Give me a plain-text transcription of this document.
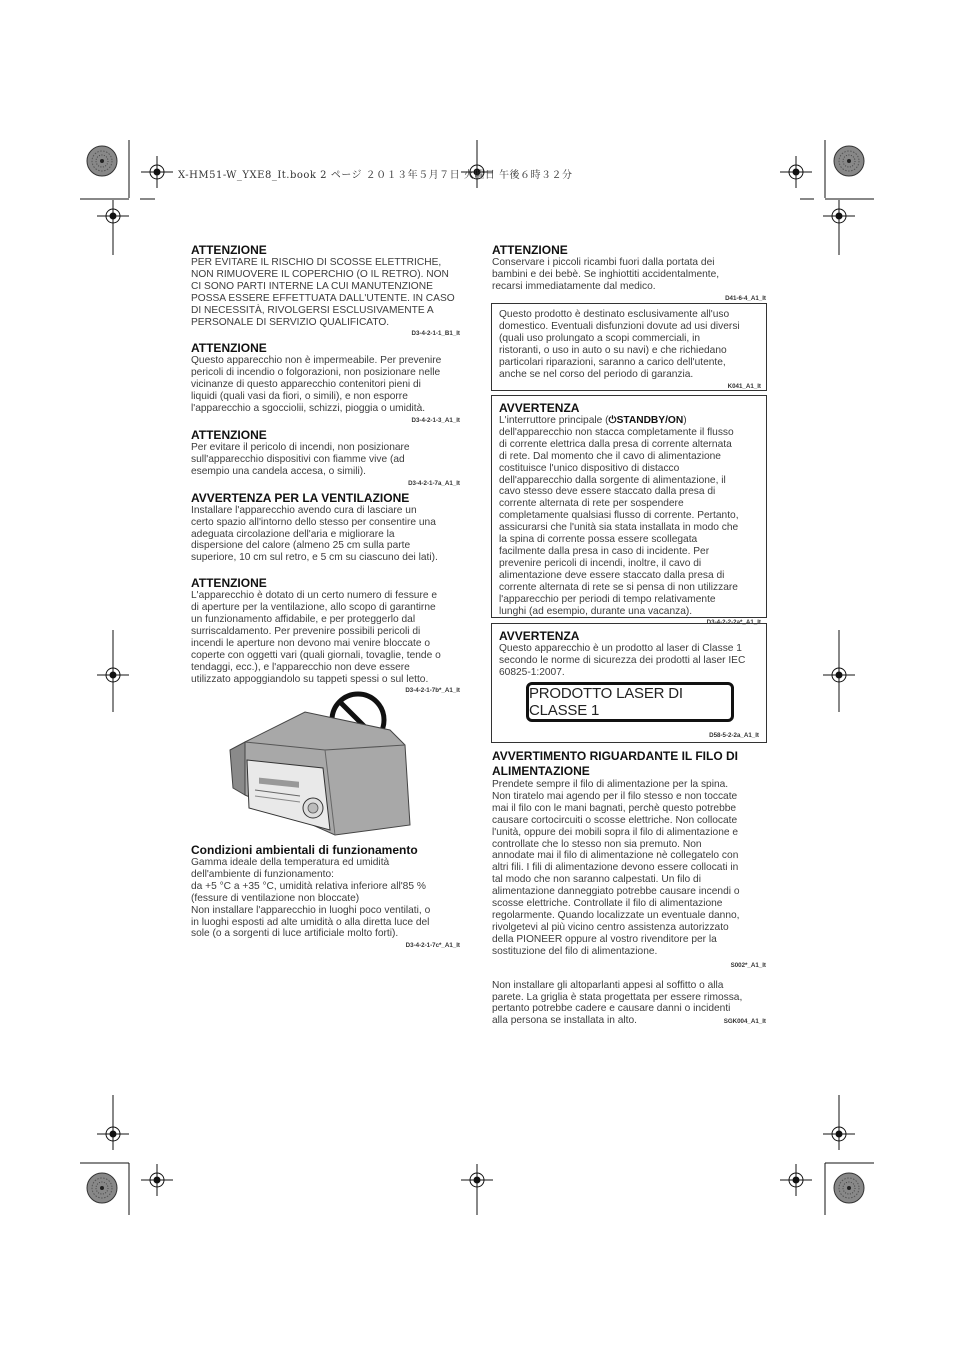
X-HM51-W_YXE8_It.book 2 ページ ２０１３年５月７日 火曜日 午後６時３２分
ATTENZIONE
PER EVITARE IL RISCHIO DI SCOSSE ELETTRICHE,
NON RIMUOVERE IL COPERCHIO (O IL RETRO). NON
CI SONO PARTI INTERNE LA CUI MANUTENZIONE
POSSA ESSERE EFFETTUATA DALL'UTENTE. IN CASO
DI NECESSITÀ, RIVOLGERSI ESCLUSIVAMENTE A
PERSONALE DI SERVIZIO QUALIFICATO.
D3-4-2-1-1_B1_It
ATTENZIONE
Questo apparecchio non è impermeabile. Per prevenire
pericoli di incendio o folgorazioni, non posizionare nelle
vicinanze di questo apparecchio contenitori pieni di
liquidi (quali vasi da fiori, o simili), e non esporre
l'apparecchio a sgocciolii, schizzi, pioggia o umidità.
D3-4-2-1-3_A1_It
ATTENZIONE
Per evitare il pericolo di incendi, non posizionare
sull'apparecchio dispositivi con fiamme vive (ad
esempio una candela accesa, o simili).
D3-4-2-1-7a_A1_It
AVVERTENZA PER LA VENTILAZIONE
Installare l'apparecchio avendo cura di lasciare un
certo spazio all'intorno dello stesso per consentire una
adeguata circolazione dell'aria e migliorare la
dispersione del calore (almeno 25 cm sulla parte
superiore, 10 cm sul retro, e 5 cm su ciascuno dei lati).
ATTENZIONE
L'apparecchio è dotato di un certo numero di fessure e
di aperture per la ventilazione, allo scopo di garantirne
un funzionamento affidabile, e per proteggerlo dal
surriscaldamento. Per prevenire possibili pericoli di
incendi le aperture non devono mai venire bloccate o
coperte con oggetti vari (quali giornali, tovaglie, tende o
tendaggi, ecc.), e l'apparecchio non deve essere
utilizzato appoggiandolo su tappeti spessi o sul letto.
D3-4-2-1-7b*_A1_It
Condizioni ambientali di funzionamento
Gamma ideale della temperatura ed umidità
dell'ambiente di funzionamento:
da +5 °C a +35 °C, umidità relativa inferiore all'85 %
(fessure di ventilazione non bloccate)
Non installare l'apparecchio in luoghi poco ventilati, o
in luoghi esposti ad alte umidità o alla diretta luce del
sole (o a sorgenti di luce artificiale molto forti).
D3-4-2-1-7c*_A1_It
ATTENZIONE
Conservare i piccoli ricambi fuori dalla portata dei
bambini e dei bebè. Se inghiottiti accidentalmente,
recarsi immediatamente dal medico.
D41-6-4_A1_It
Questo prodotto è destinato esclusivamente all'uso
domestico. Eventuali disfunzioni dovute ad usi diversi
(quali uso prolungato a scopi commerciali, in
ristoranti, o uso in auto o su navi) e che richiedano
particolari riparazioni, saranno a carico dell'utente,
anche se nel corso del periodo di garanzia.
K041_A1_It
AVVERTENZA
L'interruttore principale (⏻STANDBY/ON)
dell'apparecchio non stacca completamente il flusso
di corrente elettrica dalla presa di corrente alternata
di rete. Dal momento che il cavo di alimentazione
costituisce l'unico dispositivo di distacco
dell'apparecchio dalla sorgente di alimentazione, il
cavo stesso deve essere staccato dalla presa di
corrente alternata di rete per sospendere
completamente qualsiasi flusso di corrente. Pertanto,
assicurarsi che l'unità sia stata installata in modo che
la spina di corrente possa essere scollegata
facilmente dalla presa in caso di incidente. Per
prevenire pericoli di incendi, inoltre, il cavo di
alimentazione deve essere staccato dalla presa di
corrente alternata di rete se si pensa di non utilizzare
l'apparecchio per periodi di tempo relativamente
lunghi (ad esempio, durante una vacanza).
D3-4-2-2-2a*_A1_It
AVVERTENZA
Questo apparecchio è un prodotto al laser di Classe 1
secondo le norme di sicurezza dei prodotti al laser IEC
60825-1:2007.
PRODOTTO LASER DI CLASSE 1
D58-5-2-2a_A1_It
AVVERTIMENTO RIGUARDANTE IL FILO DI
ALIMENTAZIONE
Prendete sempre il filo di alimentazione per la spina.
Non tiratelo mai agendo per il filo stesso e non toccate
mai il filo con le mani bagnati, perchè questo potrebbe
causare cortocircuiti o scosse elettriche. Non collocate
l'unità, oppure dei mobili sopra il filo di alimentazione e
controllate che lo stesso non sia premuto. Non
annodate mai il filo di alimentazione nè collegatelo con
altri fili. I fili di alimentazione devono essere collocati in
tal modo che non saranno calpestati. Un filo di
alimentazione danneggiato potrebbe causare incendi o
scosse elettriche. Controllate il filo di alimentazione
regolarmente. Quando localizzate un eventuale danno,
rivolgetevi al più vicino centro assistenza autorizzato
della PIONEER oppure al vostro rivenditore per la
sostituzione del filo di alimentazione.
S002*_A1_It
Non installare gli altoparlanti appesi al soffitto o alla
parete. La griglia è stata progettata per essere rimossa,
pertanto potrebbe cadere e causare danni o incidenti
alla persona se installata in alto.	SGK004_A1_It
